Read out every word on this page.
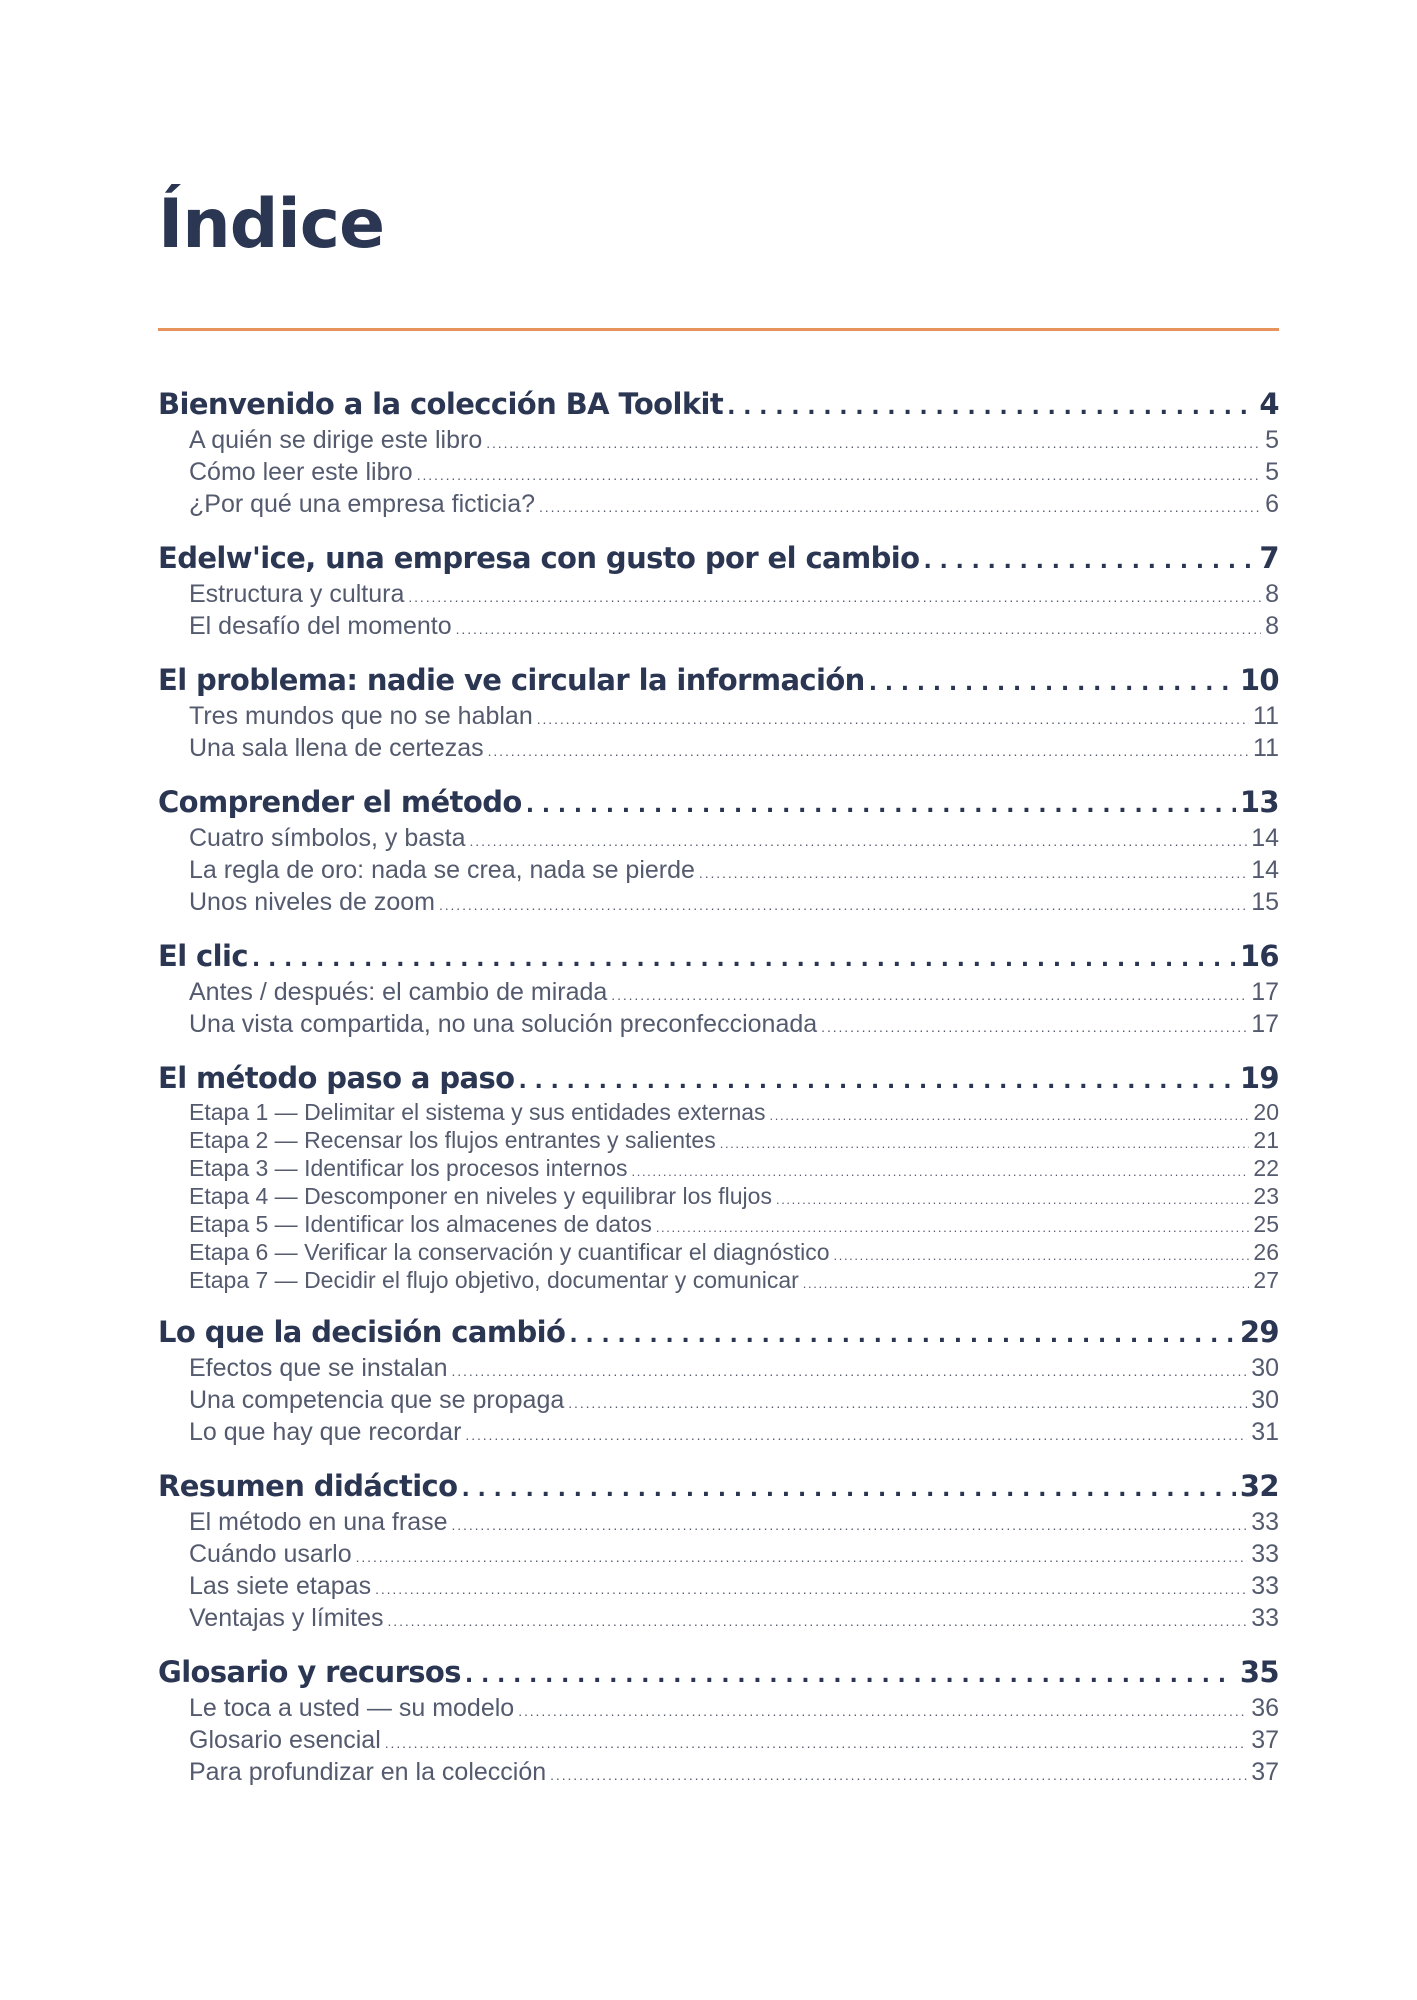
Índice
Bienvenido a la colección BA Toolkit . . .	4
A quién se dirige este libro . . .	5
Cómo leer este libro . . .	5
¿Por qué una empresa ficticia? . . .	6
Edelw'ice, una empresa con gusto por el cambio . . .	7
Estructura y cultura . . .	8
El desafío del momento . . .	8
El problema: nadie ve circular la información . . .	10
Tres mundos que no se hablan . . .	11
Una sala llena de certezas . . .	11
Comprender el método . . .	13
Cuatro símbolos, y basta . . .	14
La regla de oro: nada se crea, nada se pierde . . .	14
Unos niveles de zoom . . .	15
El clic . . .	16
Antes / después: el cambio de mirada . . .	17
Una vista compartida, no una solución preconfeccionada . . .	17
El método paso a paso . . .	19
Etapa 1 — Delimitar el sistema y sus entidades externas . . .	20
Etapa 2 — Recensar los flujos entrantes y salientes . . .	21
Etapa 3 — Identificar los procesos internos . . .	22
Etapa 4 — Descomponer en niveles y equilibrar los flujos . . .	23
Etapa 5 — Identificar los almacenes de datos . . .	25
Etapa 6 — Verificar la conservación y cuantificar el diagnóstico . . .	26
Etapa 7 — Decidir el flujo objetivo, documentar y comunicar . . .	27
Lo que la decisión cambió . . .	29
Efectos que se instalan . . .	30
Una competencia que se propaga . . .	30
Lo que hay que recordar . . .	31
Resumen didáctico . . .	32
El método en una frase . . .	33
Cuándo usarlo . . .	33
Las siete etapas . . .	33
Ventajas y límites . . .	33
Glosario y recursos . . .	35
Le toca a usted — su modelo . . .	36
Glosario esencial . . .	37
Para profundizar en la colección . . .	37
